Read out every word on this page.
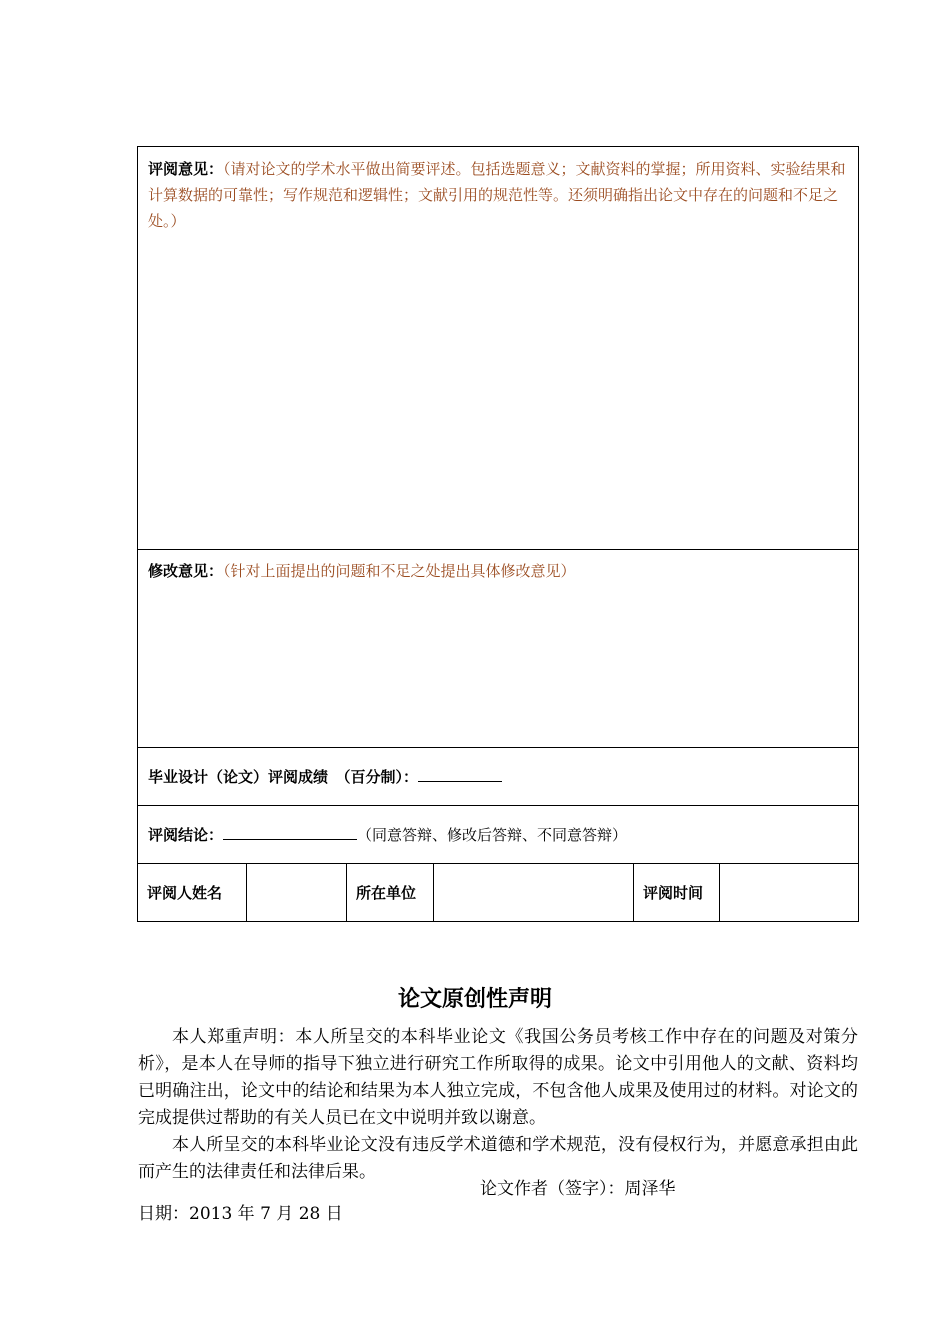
评阅意见：（请对论文的学术水平做出简要评述。包括选题意义；文献资料的掌握；所用资料、实验结果和计算数据的可靠性；写作规范和逻辑性；文献引用的规范性等。还须明确指出论文中存在的问题和不足之处。）

修改意见：（针对上面提出的问题和不足之处提出具体修改意见）

毕业设计（论文）评阅成绩　（百分制）：

评阅结论：	（同意答辩、修改后答辩、不同意答辩）

评阅人姓名		所在单位		评阅时间	
论文原创性声明

本人郑重声明：本人所呈交的本科毕业论文《我国公务员考核工作中存在的问题及对策分析》，是本人在导师的指导下独立进行研究工作所取得的成果。论文中引用他人的文献、资料均已明确注出，论文中的结论和结果为本人独立完成，不包含他人成果及使用过的材料。对论文的完成提供过帮助的有关人员已在文中说明并致以谢意。

本人所呈交的本科毕业论文没有违反学术道德和学术规范，没有侵权行为，并愿意承担由此而产生的法律责任和法律后果。

论文作者（签字）：周泽华
日期：2013 年 7 月 28 日
